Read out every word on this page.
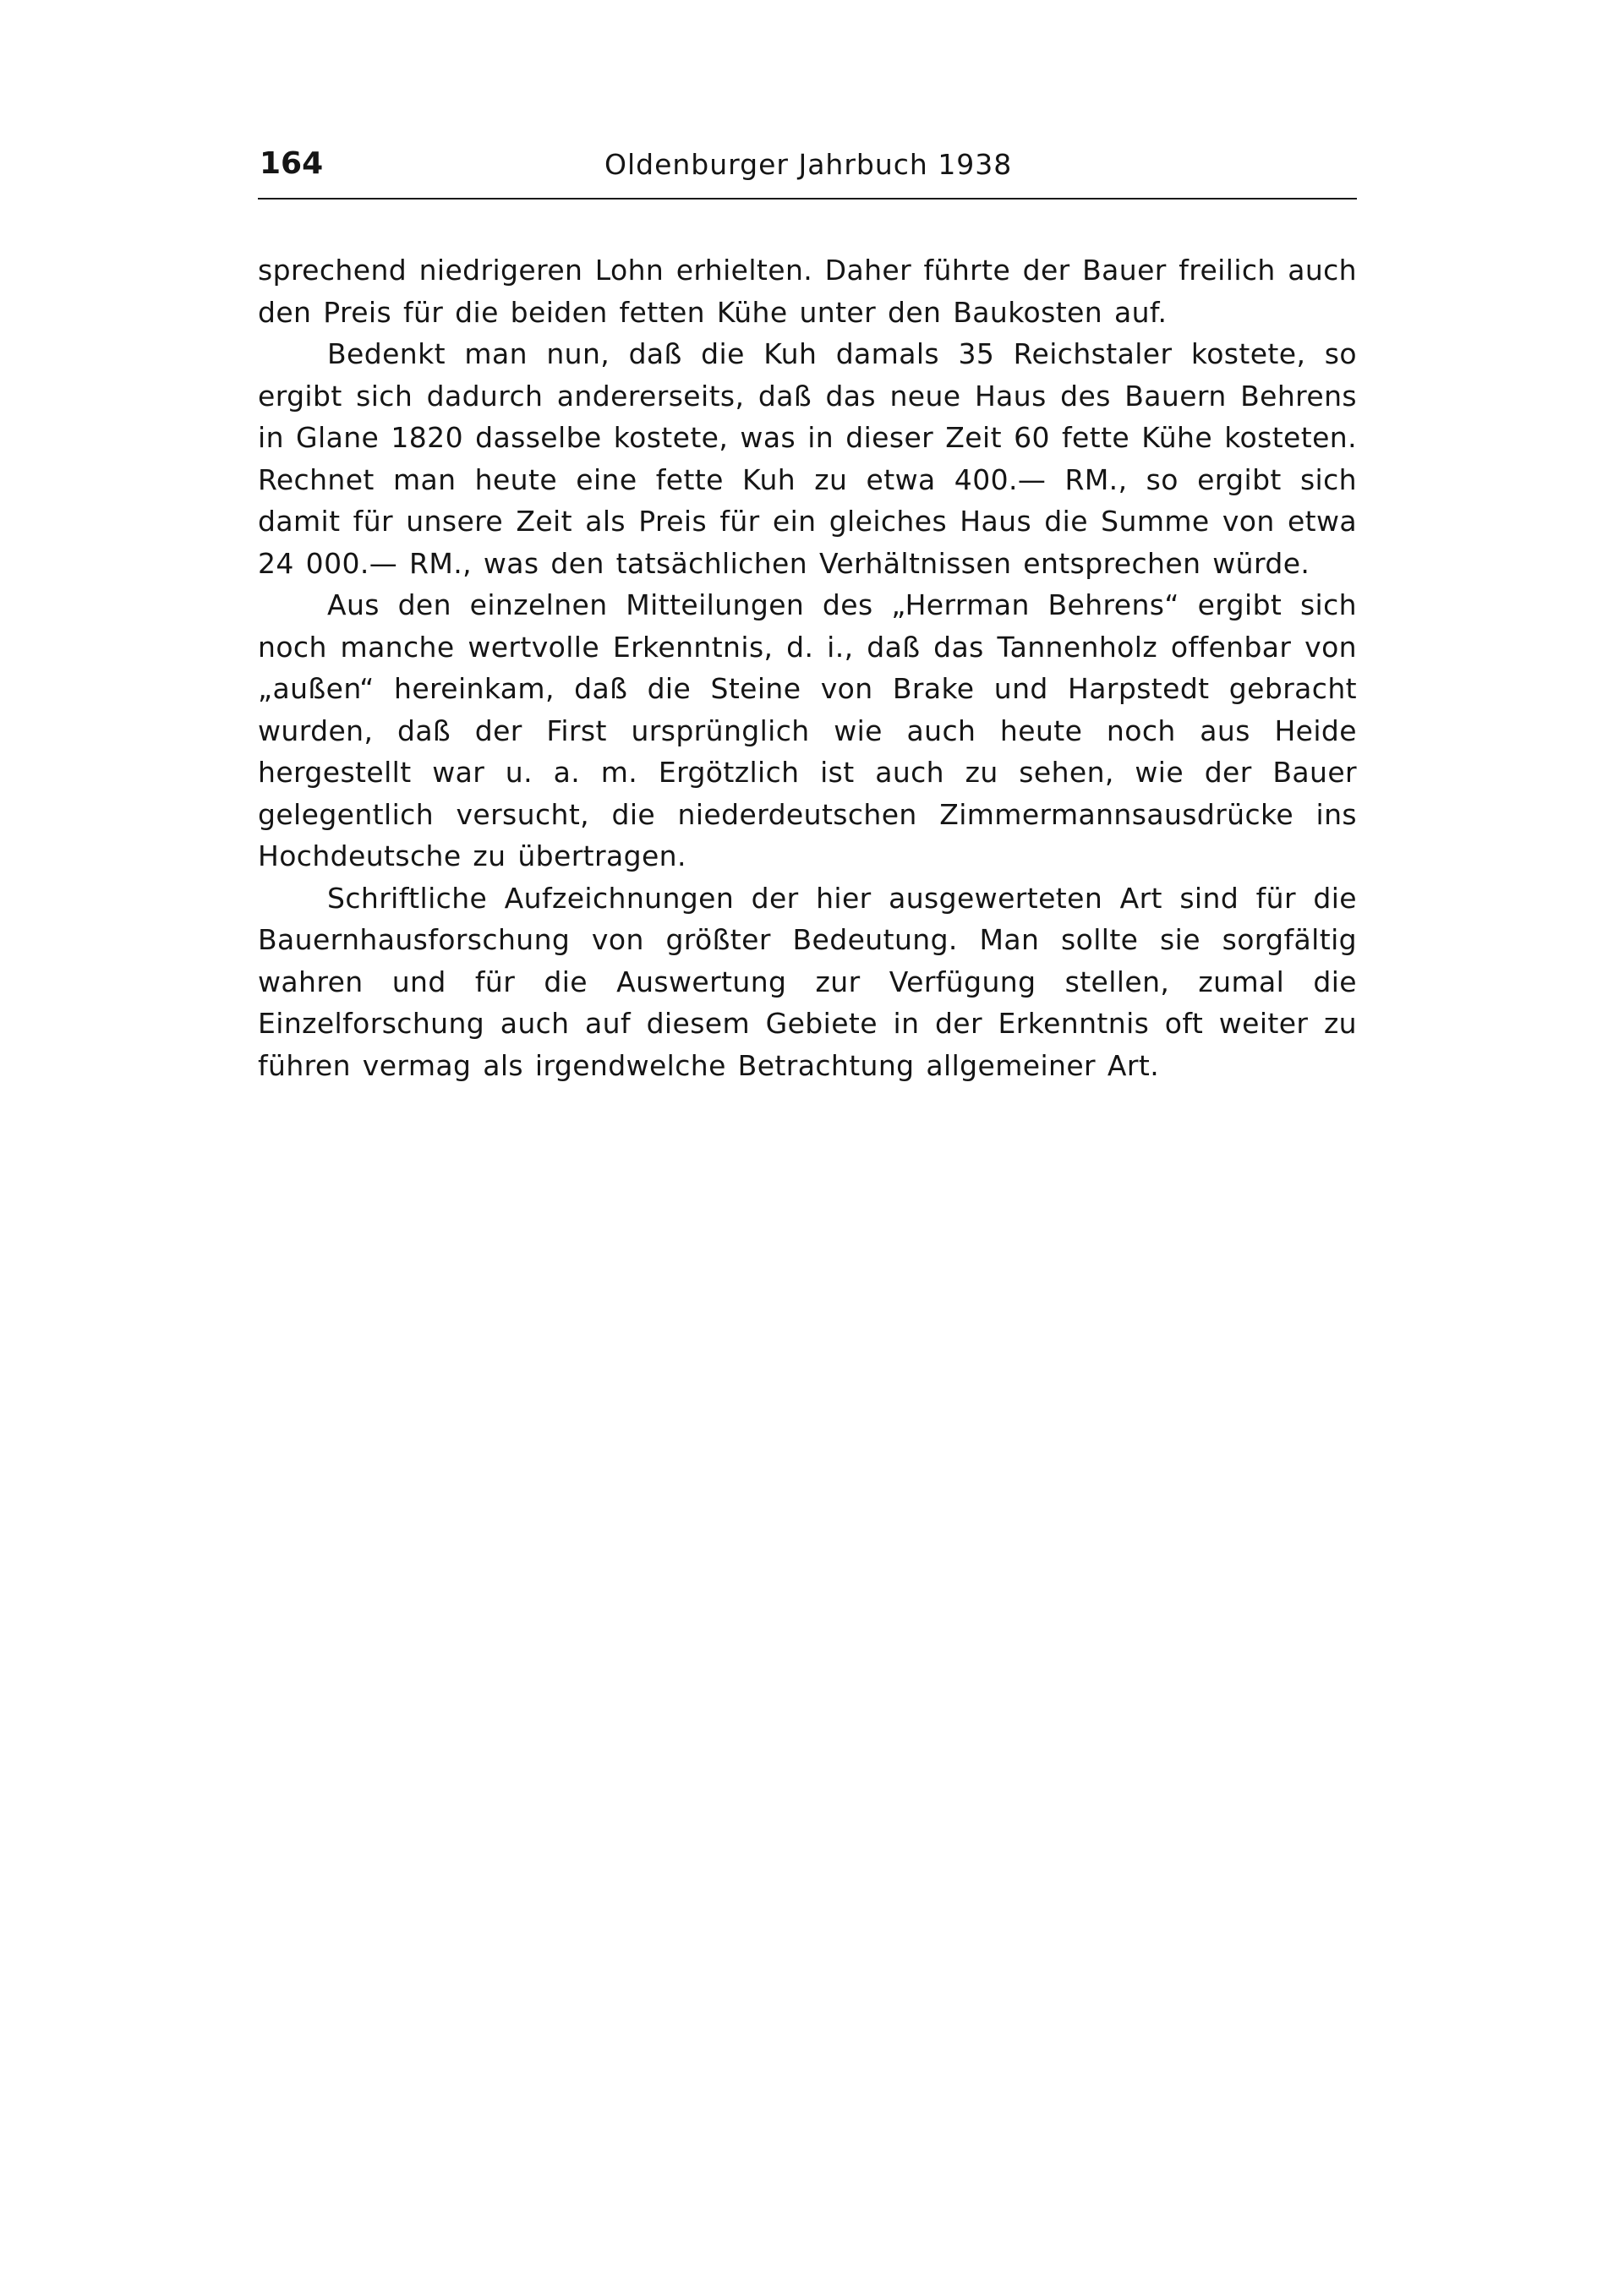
164	Oldenburger Jahrbuch 1938

sprechend niedrigeren Lohn erhielten. Daher führte der Bauer freilich auch den Preis für die beiden fetten Kühe unter den Baukosten auf.

Bedenkt man nun, daß die Kuh damals 35 Reichstaler kostete, so ergibt sich dadurch andererseits, daß das neue Haus des Bauern Behrens in Glane 1820 dasselbe kostete, was in dieser Zeit 60 fette Kühe kosteten. Rechnet man heute eine fette Kuh zu etwa 400.— RM., so ergibt sich damit für unsere Zeit als Preis für ein gleiches Haus die Summe von etwa 24 000.— RM., was den tatsächlichen Verhältnissen entsprechen würde.

Aus den einzelnen Mitteilungen des „Herrman Behrens“ ergibt sich noch manche wertvolle Erkenntnis, d. i., daß das Tannenholz offenbar von „außen“ hereinkam, daß die Steine von Brake und Harpstedt gebracht wurden, daß der First ursprünglich wie auch heute noch aus Heide hergestellt war u. a. m. Ergötzlich ist auch zu sehen, wie der Bauer gelegentlich versucht, die niederdeutschen Zimmermannsausdrücke ins Hochdeutsche zu übertragen.

Schriftliche Aufzeichnungen der hier ausgewerteten Art sind für die Bauernhausforschung von größter Bedeutung. Man sollte sie sorgfältig wahren und für die Auswertung zur Verfügung stellen, zumal die Einzelforschung auch auf diesem Gebiete in der Erkenntnis oft weiter zu führen vermag als irgendwelche Betrachtung allgemeiner Art.
